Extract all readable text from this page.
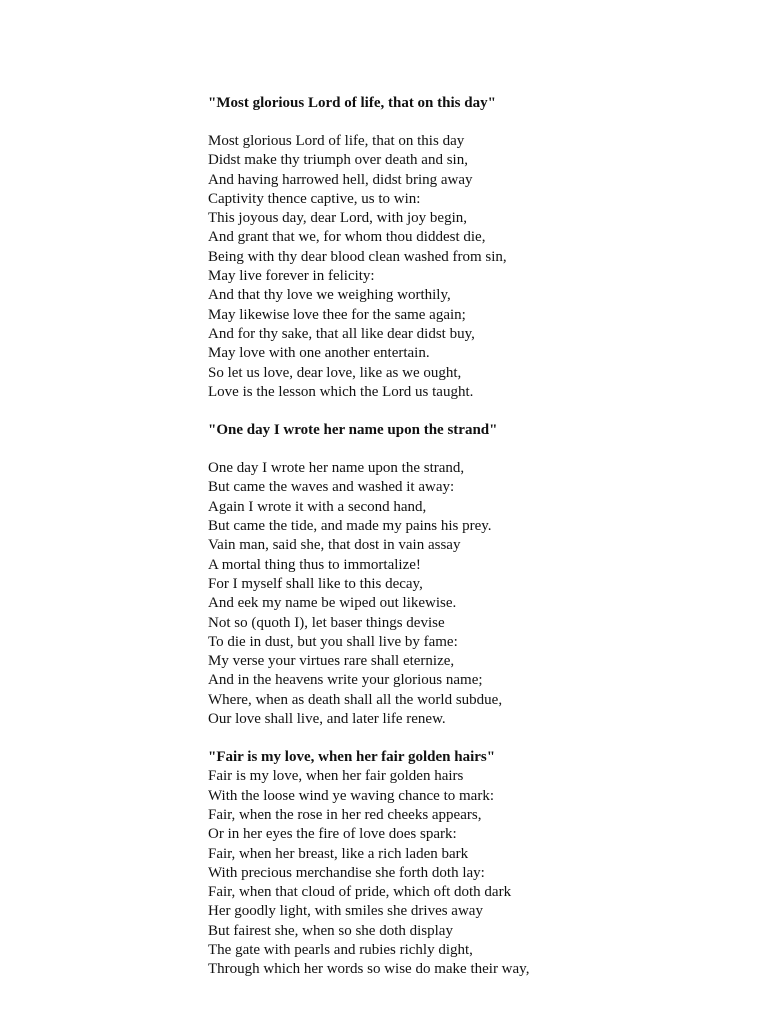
"Most glorious Lord of life, that on this day"
Most glorious Lord of life, that on this day
Didst make thy triumph over death and sin,
And having harrowed hell, didst bring away
Captivity thence captive, us to win:
This joyous day, dear Lord, with joy begin,
And grant that we, for whom thou diddest die,
Being with thy dear blood clean washed from sin,
May live forever in felicity:
And that thy love we weighing worthily,
May likewise love thee for the same again;
And for thy sake, that all like dear didst buy,
May love with one another entertain.
So let us love, dear love, like as we ought,
Love is the lesson which the Lord us taught.
"One day I wrote her name upon the strand"
One day I wrote her name upon the strand,
But came the waves and washed it away:
Again I wrote it with a second hand,
But came the tide, and made my pains his prey.
Vain man, said she, that dost in vain assay
A mortal thing thus to immortalize!
For I myself shall like to this decay,
And eek my name be wiped out likewise.
Not so (quoth I), let baser things devise
To die in dust, but you shall live by fame:
My verse your virtues rare shall eternize,
And in the heavens write your glorious name;
Where, when as death shall all the world subdue,
Our love shall live, and later life renew.
"Fair is my love, when her fair golden hairs"
Fair is my love, when her fair golden hairs
With the loose wind ye waving chance to mark:
Fair, when the rose in her red cheeks appears,
Or in her eyes the fire of love does spark:
Fair, when her breast, like a rich laden bark
With precious merchandise she forth doth lay:
Fair, when that cloud of pride, which oft doth dark
Her goodly light, with smiles she drives away
But fairest she, when so she doth display
The gate with pearls and rubies richly dight,
Through which her words so wise do make their way,
